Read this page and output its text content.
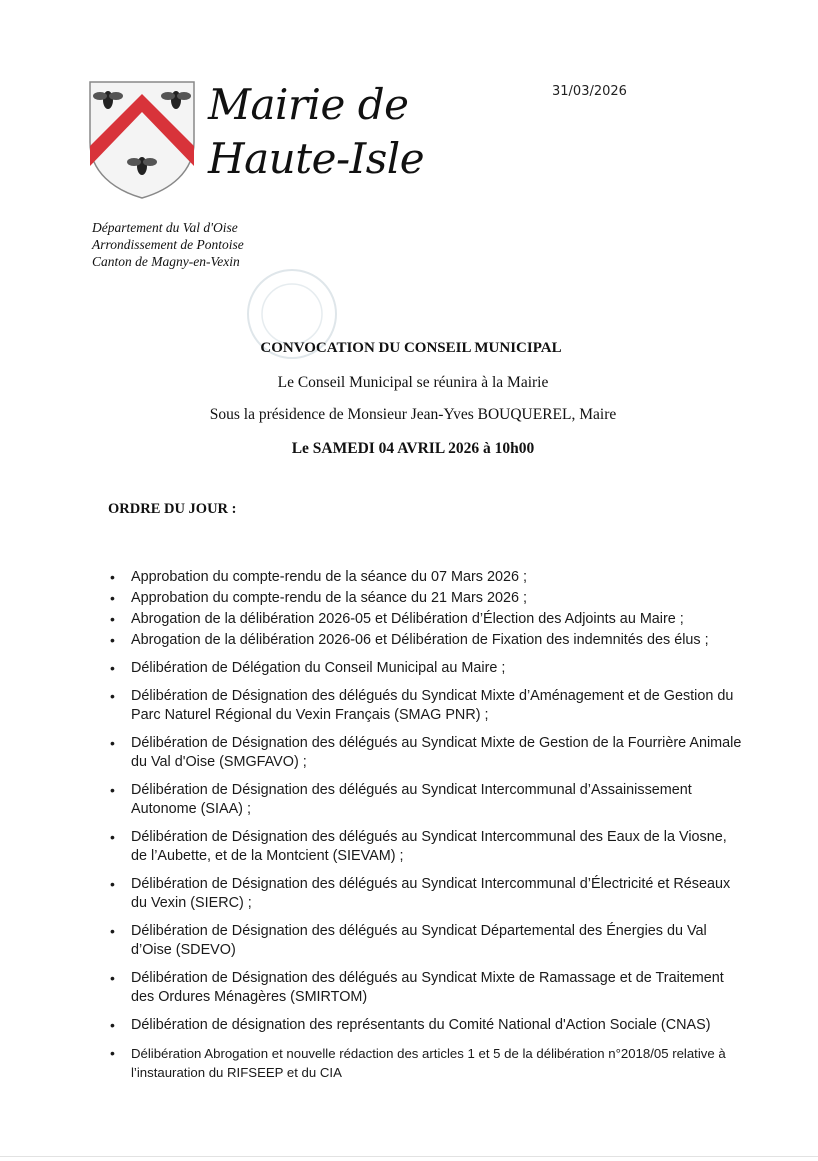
Mairie de
Haute-Isle
31/03/2026
Département du Val d'Oise
Arrondissement de Pontoise
Canton de Magny-en-Vexin
CONVOCATION DU CONSEIL MUNICIPAL
Le Conseil Municipal se réunira à la Mairie
Sous la présidence de Monsieur Jean-Yves BOUQUEREL, Maire
Le SAMEDI 04 AVRIL 2026 à 10h00
ORDRE DU JOUR :
• Approbation du compte-rendu de la séance du 07 Mars 2026 ;
• Approbation du compte-rendu de la séance du 21 Mars 2026 ;
• Abrogation de la délibération 2026-05 et Délibération d’Élection des Adjoints au Maire ;
• Abrogation de la délibération 2026-06 et Délibération de Fixation des indemnités des élus ;
• Délibération de Délégation du Conseil Municipal au Maire ;
• Délibération de Désignation des délégués du Syndicat Mixte d’Aménagement et de Gestion du Parc Naturel Régional du Vexin Français (SMAG PNR) ;
• Délibération de Désignation des délégués au Syndicat Mixte de Gestion de la Fourrière Animale du Val d'Oise (SMGFAVO) ;
• Délibération de Désignation des délégués au Syndicat Intercommunal d’Assainissement Autonome (SIAA) ;
• Délibération de Désignation des délégués au Syndicat Intercommunal des Eaux de la Viosne, de l’Aubette, et de la Montcient (SIEVAM) ;
• Délibération de Désignation des délégués au Syndicat Intercommunal d’Électricité et Réseaux du Vexin (SIERC) ;
• Délibération de Désignation des délégués au Syndicat Départemental des Énergies du Val d’Oise (SDEVO)
• Délibération de Désignation des délégués au Syndicat Mixte de Ramassage et de Traitement des Ordures Ménagères (SMIRTOM)
• Délibération de désignation des représentants du Comité National d'Action Sociale (CNAS)
• Délibération Abrogation et nouvelle rédaction des articles 1 et 5 de la délibération n°2018/05 relative à l’instauration du RIFSEEP et du CIA
